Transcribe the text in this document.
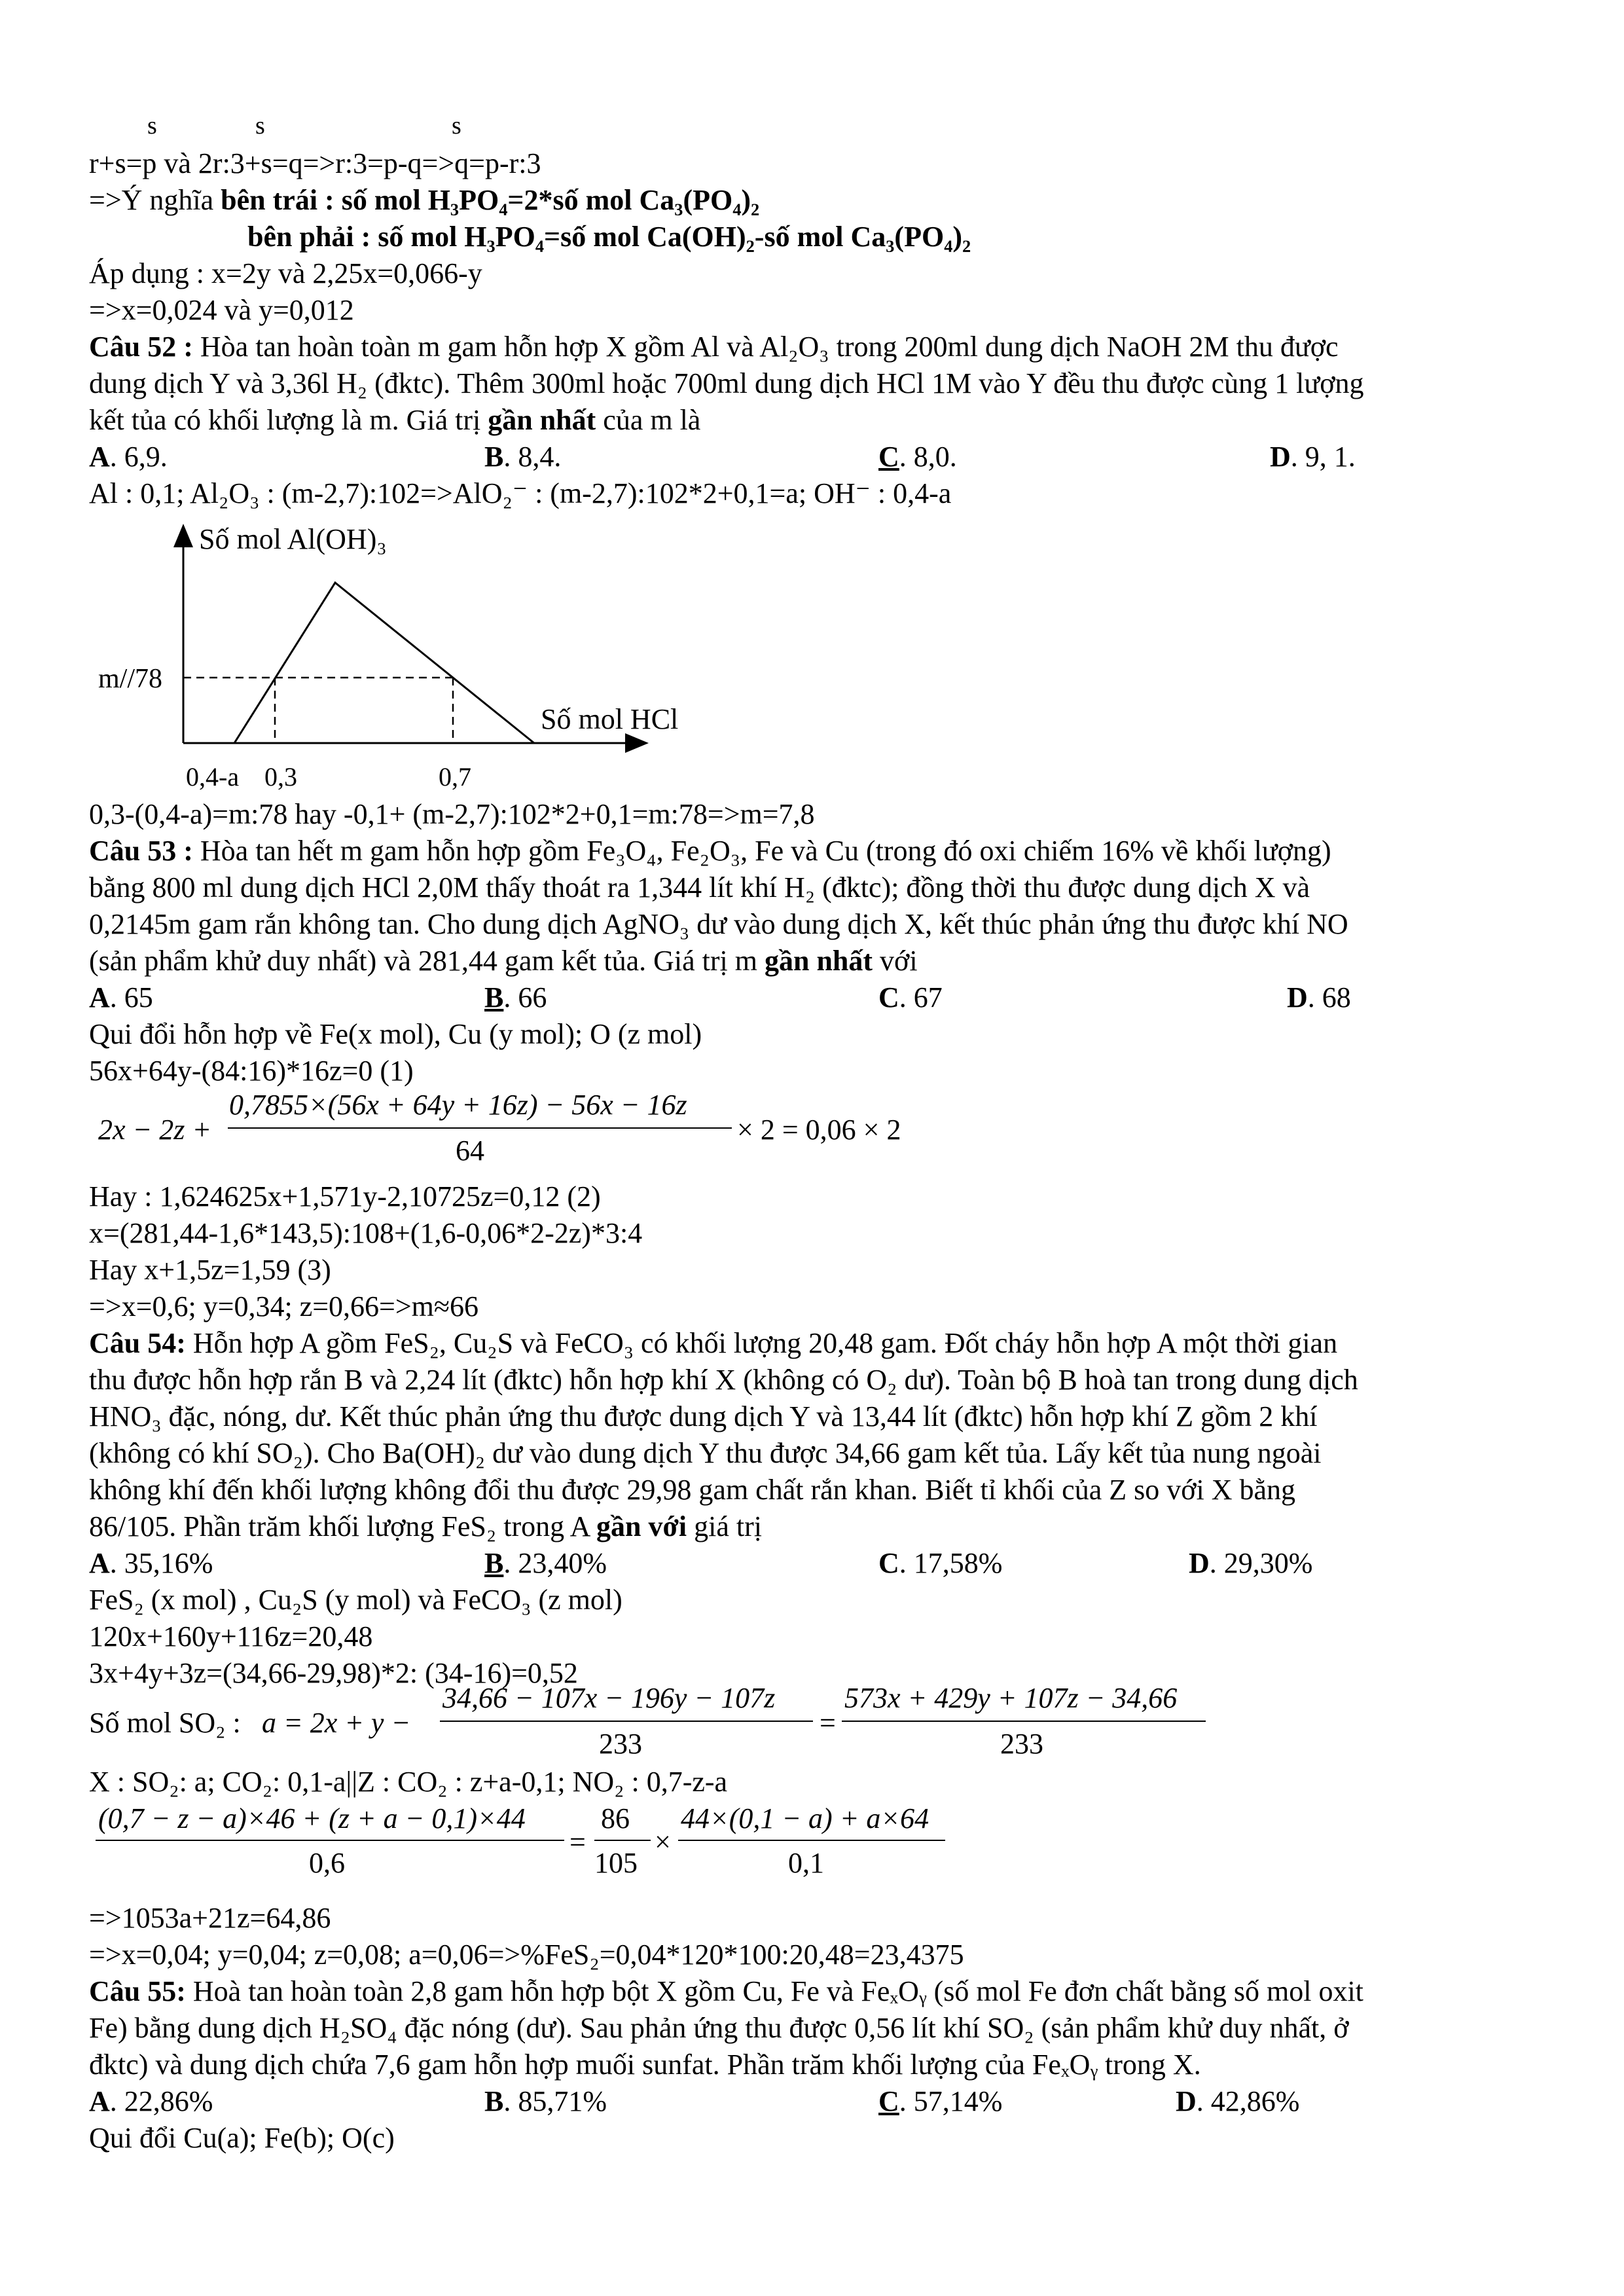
s	s	s
r+s=p và 2r:3+s=q=>r:3=p-q=>q=p-r:3
=>Ý nghĩa bên trái : số mol H₃PO₄=2*số mol Ca₃(PO₄)₂
bên phải : số mol H₃PO₄=số mol Ca(OH)₂-số mol Ca₃(PO₄)₂
Áp dụng : x=2y và 2,25x=0,066-y
=>x=0,024 và y=0,012
Câu 52 : Hòa tan hoàn toàn m gam hỗn hợp X gồm Al và Al₂O₃ trong 200ml dung dịch NaOH 2M thu được
dung dịch Y và 3,36l H₂ (đktc). Thêm 300ml hoặc 700ml dung dịch HCl 1M vào Y đều thu được cùng 1 lượng
kết tủa có khối lượng là m. Giá trị gần nhất của m là
A. 6,9.	B. 8,4.	C. 8,0.	D. 9, 1.
Al : 0,1; Al₂O₃ : (m-2,7):102=>AlO₂⁻ : (m-2,7):102*2+0,1=a; OH⁻ : 0,4-a
Số mol Al(OH)₃
m//78
Số mol HCl
0,4-a 0,3	0,7
0,3-(0,4-a)=m:78 hay -0,1+ (m-2,7):102*2+0,1=m:78=>m=7,8
Câu 53 : Hòa tan hết m gam hỗn hợp gồm Fe₃O₄, Fe₂O₃, Fe và Cu (trong đó oxi chiếm 16% về khối lượng)
bằng 800 ml dung dịch HCl 2,0M thấy thoát ra 1,344 lít khí H₂ (đktc); đồng thời thu được dung dịch X và
0,2145m gam rắn không tan. Cho dung dịch AgNO₃ dư vào dung dịch X, kết thúc phản ứng thu được khí NO
(sản phẩm khử duy nhất) và 281,44 gam kết tủa. Giá trị m gần nhất với
A. 65	B. 66	C. 67	D. 68
Qui đổi hỗn hợp về Fe(x mol), Cu (y mol); O (z mol)
56x+64y-(84:16)*16z=0 (1)
2x − 2z +
0,7855×(56x + 64y + 16z) − 56x − 16z
64
× 2 = 0,06 × 2
Hay : 1,624625x+1,571y-2,10725z=0,12 (2)
x=(281,44-1,6*143,5):108+(1,6-0,06*2-2z)*3:4
Hay x+1,5z=1,59 (3)
=>x=0,6; y=0,34; z=0,66=>m≈66
Câu 54: Hỗn hợp A gồm FeS₂, Cu₂S và FeCO₃ có khối lượng 20,48 gam. Đốt cháy hỗn hợp A một thời gian
thu được hỗn hợp rắn B và 2,24 lít (đktc) hỗn hợp khí X (không có O₂ dư). Toàn bộ B hoà tan trong dung dịch
HNO₃ đặc, nóng, dư. Kết thúc phản ứng thu được dung dịch Y và 13,44 lít (đktc) hỗn hợp khí Z gồm 2 khí
(không có khí SO₂). Cho Ba(OH)₂ dư vào dung dịch Y thu được 34,66 gam kết tủa. Lấy kết tủa nung ngoài
không khí đến khối lượng không đổi thu được 29,98 gam chất rắn khan. Biết tỉ khối của Z so với X bằng
86/105. Phần trăm khối lượng FeS₂ trong A gần với giá trị
A. 35,16%	B. 23,40%	C. 17,58%	D. 29,30%
FeS₂ (x mol) , Cu₂S (y mol) và FeCO₃ (z mol)
120x+160y+116z=20,48
3x+4y+3z=(34,66-29,98)*2: (34-16)=0,52
Số mol SO₂ : a = 2x + y −
34,66 − 107x − 196y − 107z
233
=
573x + 429y + 107z − 34,66
233
X : SO₂: a; CO₂: 0,1-a||Z : CO₂ : z+a-0,1; NO₂ : 0,7-z-a
(0,7 − z − a)×46 + (z + a − 0,1)×44
0,6
=
86
105
×
44×(0,1 − a) + a×64
0,1
=>1053a+21z=64,86
=>x=0,04; y=0,04; z=0,08; a=0,06=>%FeS₂=0,04*120*100:20,48=23,4375
Câu 55: Hoà tan hoàn toàn 2,8 gam hỗn hợp bột X gồm Cu, Fe và FeₓOᵧ (số mol Fe đơn chất bằng số mol oxit
Fe) bằng dung dịch H₂SO₄ đặc nóng (dư). Sau phản ứng thu được 0,56 lít khí SO₂ (sản phẩm khử duy nhất, ở
đktc) và dung dịch chứa 7,6 gam hỗn hợp muối sunfat. Phần trăm khối lượng của FeₓOᵧ trong X.
A. 22,86%	B. 85,71%	C. 57,14%	D. 42,86%
Qui đổi Cu(a); Fe(b); O(c)
